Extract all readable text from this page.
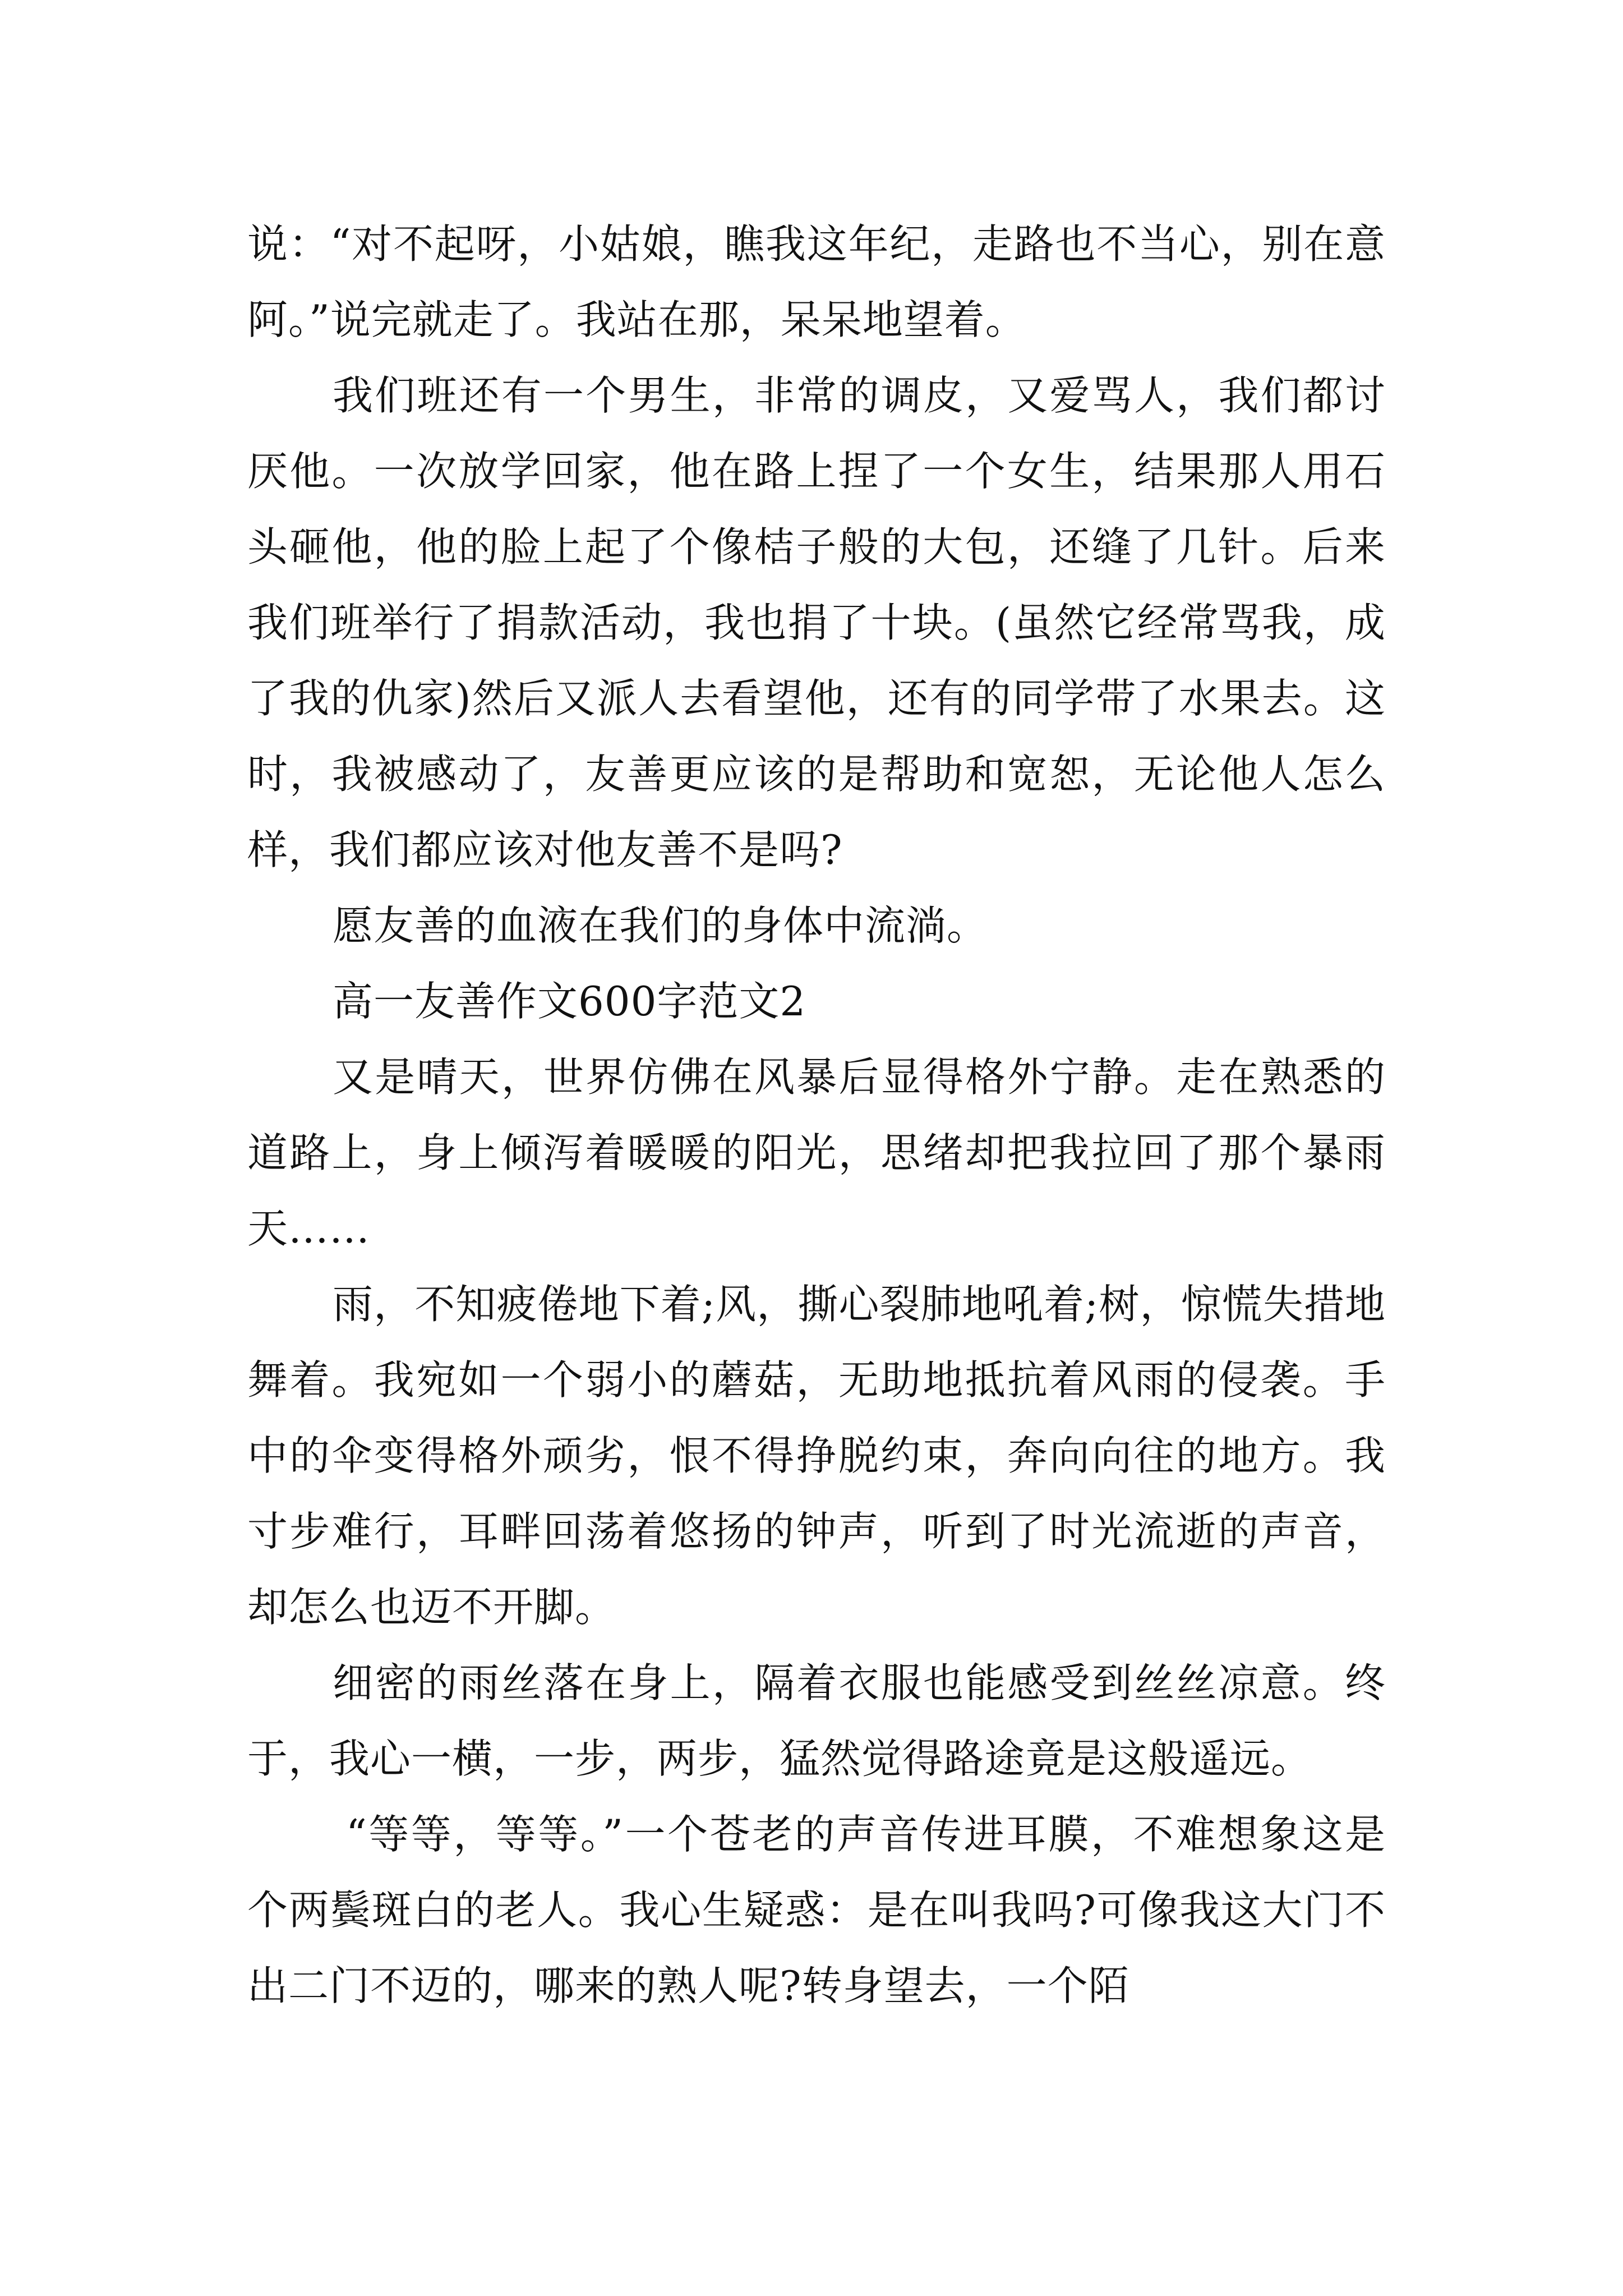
说：“对不起呀，小姑娘，瞧我这年纪，走路也不当心，别在意阿。”说完就走了。我站在那，呆呆地望着。

我们班还有一个男生，非常的调皮，又爱骂人，我们都讨厌他。一次放学回家，他在路上捏了一个女生，结果那人用石头砸他，他的脸上起了个像桔子般的大包，还缝了几针。后来我们班举行了捐款活动，我也捐了十块。(虽然它经常骂我，成了我的仇家)然后又派人去看望他，还有的同学带了水果去。这时，我被感动了，友善更应该的是帮助和宽恕，无论他人怎么样，我们都应该对他友善不是吗?

愿友善的血液在我们的身体中流淌。

高一友善作文600字范文2

又是晴天，世界仿佛在风暴后显得格外宁静。走在熟悉的道路上，身上倾泻着暖暖的阳光，思绪却把我拉回了那个暴雨天……

雨，不知疲倦地下着;风，撕心裂肺地吼着;树，惊慌失措地舞着。我宛如一个弱小的蘑菇，无助地抵抗着风雨的侵袭。手中的伞变得格外顽劣，恨不得挣脱约束，奔向向往的地方。我寸步难行，耳畔回荡着悠扬的钟声，听到了时光流逝的声音，却怎么也迈不开脚。

细密的雨丝落在身上，隔着衣服也能感受到丝丝凉意。终于，我心一横，一步，两步，猛然觉得路途竟是这般遥远。

“等等，等等。”一个苍老的声音传进耳膜，不难想象这是个两鬓斑白的老人。我心生疑惑：是在叫我吗?可像我这大门不出二门不迈的，哪来的熟人呢?转身望去，一个陌
